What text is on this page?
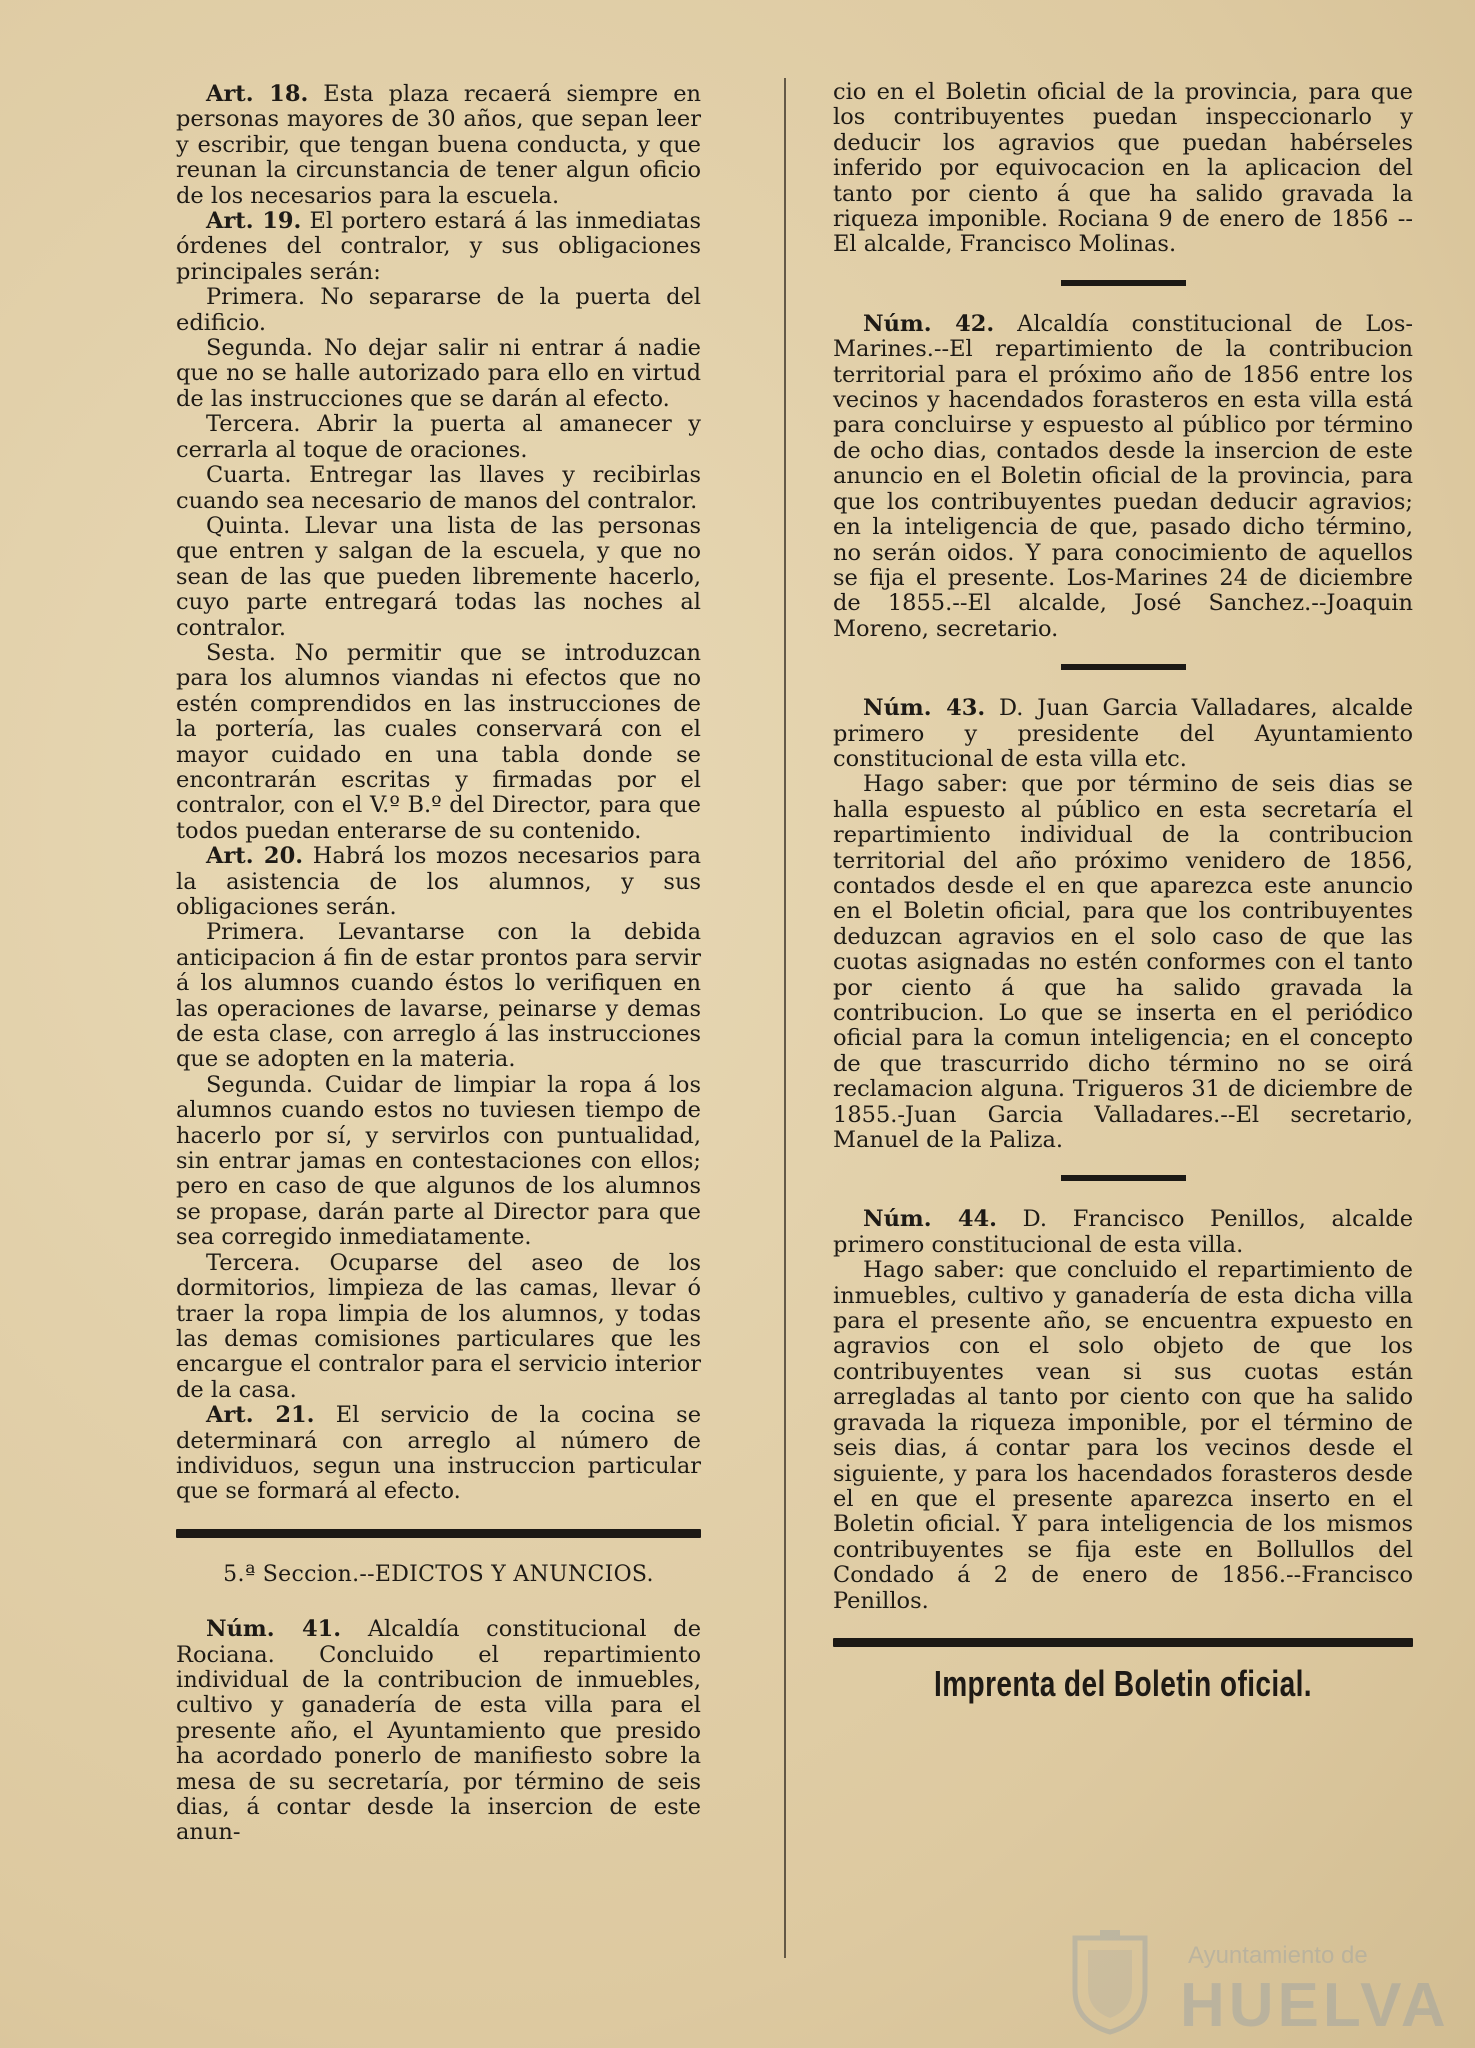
Art. 18. Esta plaza recaerá siempre en personas mayores de 30 años, que sepan leer y escribir, que tengan buena conducta, y que reunan la circunstancia de tener algun oficio de los necesarios para la escuela.

Art. 19. El portero estará á las inmediatas órdenes del contralor, y sus obligaciones principales serán:

Primera. No separarse de la puerta del edificio.

Segunda. No dejar salir ni entrar á nadie que no se halle autorizado para ello en virtud de las instrucciones que se darán al efecto.

Tercera. Abrir la puerta al amanecer y cerrarla al toque de oraciones.

Cuarta. Entregar las llaves y recibirlas cuando sea necesario de manos del contralor.

Quinta. Llevar una lista de las personas que entren y salgan de la escuela, y que no sean de las que pueden libremente hacerlo, cuyo parte entregará todas las noches al contralor.

Sesta. No permitir que se introduzcan para los alumnos viandas ni efectos que no estén comprendidos en las instrucciones de la portería, las cuales conservará con el mayor cuidado en una tabla donde se encontrarán escritas y firmadas por el contralor, con el V.º B.º del Director, para que todos puedan enterarse de su contenido.

Art. 20. Habrá los mozos necesarios para la asistencia de los alumnos, y sus obligaciones serán.

Primera. Levantarse con la debida anticipacion á fin de estar prontos para servir á los alumnos cuando éstos lo verifiquen en las operaciones de lavarse, peinarse y demas de esta clase, con arreglo á las instrucciones que se adopten en la materia.

Segunda. Cuidar de limpiar la ropa á los alumnos cuando estos no tuviesen tiempo de hacerlo por sí, y servirlos con puntualidad, sin entrar jamas en contestaciones con ellos; pero en caso de que algunos de los alumnos se propase, darán parte al Director para que sea corregido inmediatamente.

Tercera. Ocuparse del aseo de los dormitorios, limpieza de las camas, llevar ó traer la ropa limpia de los alumnos, y todas las demas comisiones particulares que les encargue el contralor para el servicio interior de la casa.

Art. 21. El servicio de la cocina se determinará con arreglo al número de individuos, segun una instruccion particular que se formará al efecto.

5.ª Seccion.--EDICTOS Y ANUNCIOS.

Núm. 41. Alcaldía constitucional de Rociana. Concluido el repartimiento individual de la contribucion de inmuebles, cultivo y ganadería de esta villa para el presente año, el Ayuntamiento que presido ha acordado ponerlo de manifiesto sobre la mesa de su secretaría, por término de seis dias, á contar desde la insercion de este anun-

cio en el Boletin oficial de la provincia, para que los contribuyentes puedan inspeccionarlo y deducir los agravios que puedan habérseles inferido por equivocacion en la aplicacion del tanto por ciento á que ha salido gravada la riqueza imponible. Rociana 9 de enero de 1856 --El alcalde, Francisco Molinas.

Núm. 42. Alcaldía constitucional de Los-Marines.--El repartimiento de la contribucion territorial para el próximo año de 1856 entre los vecinos y hacendados forasteros en esta villa está para concluirse y espuesto al público por término de ocho dias, contados desde la insercion de este anuncio en el Boletin oficial de la provincia, para que los contribuyentes puedan deducir agravios; en la inteligencia de que, pasado dicho término, no serán oidos. Y para conocimiento de aquellos se fija el presente. Los-Marines 24 de diciembre de 1855.--El alcalde, José Sanchez.--Joaquin Moreno, secretario.

Núm. 43. D. Juan Garcia Valladares, alcalde primero y presidente del Ayuntamiento constitucional de esta villa etc.

Hago saber: que por término de seis dias se halla espuesto al público en esta secretaría el repartimiento individual de la contribucion territorial del año próximo venidero de 1856, contados desde el en que aparezca este anuncio en el Boletin oficial, para que los contribuyentes deduzcan agravios en el solo caso de que las cuotas asignadas no estén conformes con el tanto por ciento á que ha salido gravada la contribucion. Lo que se inserta en el periódico oficial para la comun inteligencia; en el concepto de que trascurrido dicho término no se oirá reclamacion alguna. Trigueros 31 de diciembre de 1855.-Juan Garcia Valladares.--El secretario, Manuel de la Paliza.

Núm. 44. D. Francisco Penillos, alcalde primero constitucional de esta villa.

Hago saber: que concluido el repartimiento de inmuebles, cultivo y ganadería de esta dicha villa para el presente año, se encuentra expuesto en agravios con el solo objeto de que los contribuyentes vean si sus cuotas están arregladas al tanto por ciento con que ha salido gravada la riqueza imponible, por el término de seis dias, á contar para los vecinos desde el siguiente, y para los hacendados forasteros desde el en que el presente aparezca inserto en el Boletin oficial. Y para inteligencia de los mismos contribuyentes se fija este en Bollullos del Condado á 2 de enero de 1856.--Francisco Penillos.

Imprenta del Boletin oficial.
Ayuntamiento de
HUELVA
